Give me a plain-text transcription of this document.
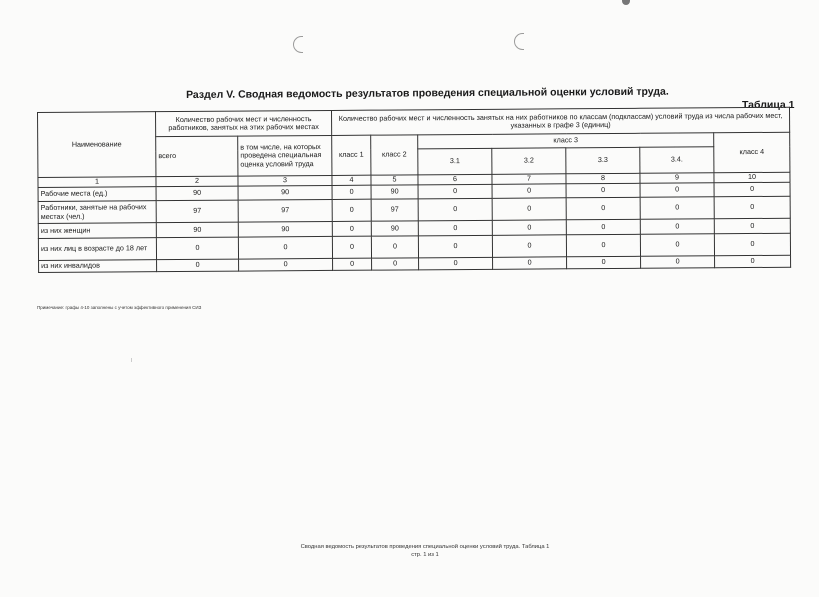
Раздел V. Сводная ведомость результатов проведения специальной оценки условий труда.
Таблица 1
Наименование	Количество рабочих мест и численность работников, занятых на этих рабочих местах		Количество рабочих мест и численность занятых на них работников по классам (подклассам) условий труда из числа рабочих мест, указанных в графе 3 (единиц)						
	всего	в том числе, на которых проведена специальная оценка условий труда	класс 1	класс 2	класс 3				класс 4
					3.1	3.2	3.3	3.4.	
1	2	3	4	5	6	7	8	9	10
Рабочие места (ед.)	90	90	0	90	0	0	0	0	0
Работники, занятые на рабочих местах (чел.)	97	97	0	97	0	0	0	0	0
из них женщин	90	90	0	90	0	0	0	0	0
из них лиц в возрасте до 18 лет	0	0	0	0	0	0	0	0	0
из них инвалидов	0	0	0	0	0	0	0	0	0
Примечание: графы 4-10 заполнены с учетом эффективного применения СИЗ
Сводная ведомость результатов проведения специальной оценки условий труда. Таблица 1
стр. 1 из 1
